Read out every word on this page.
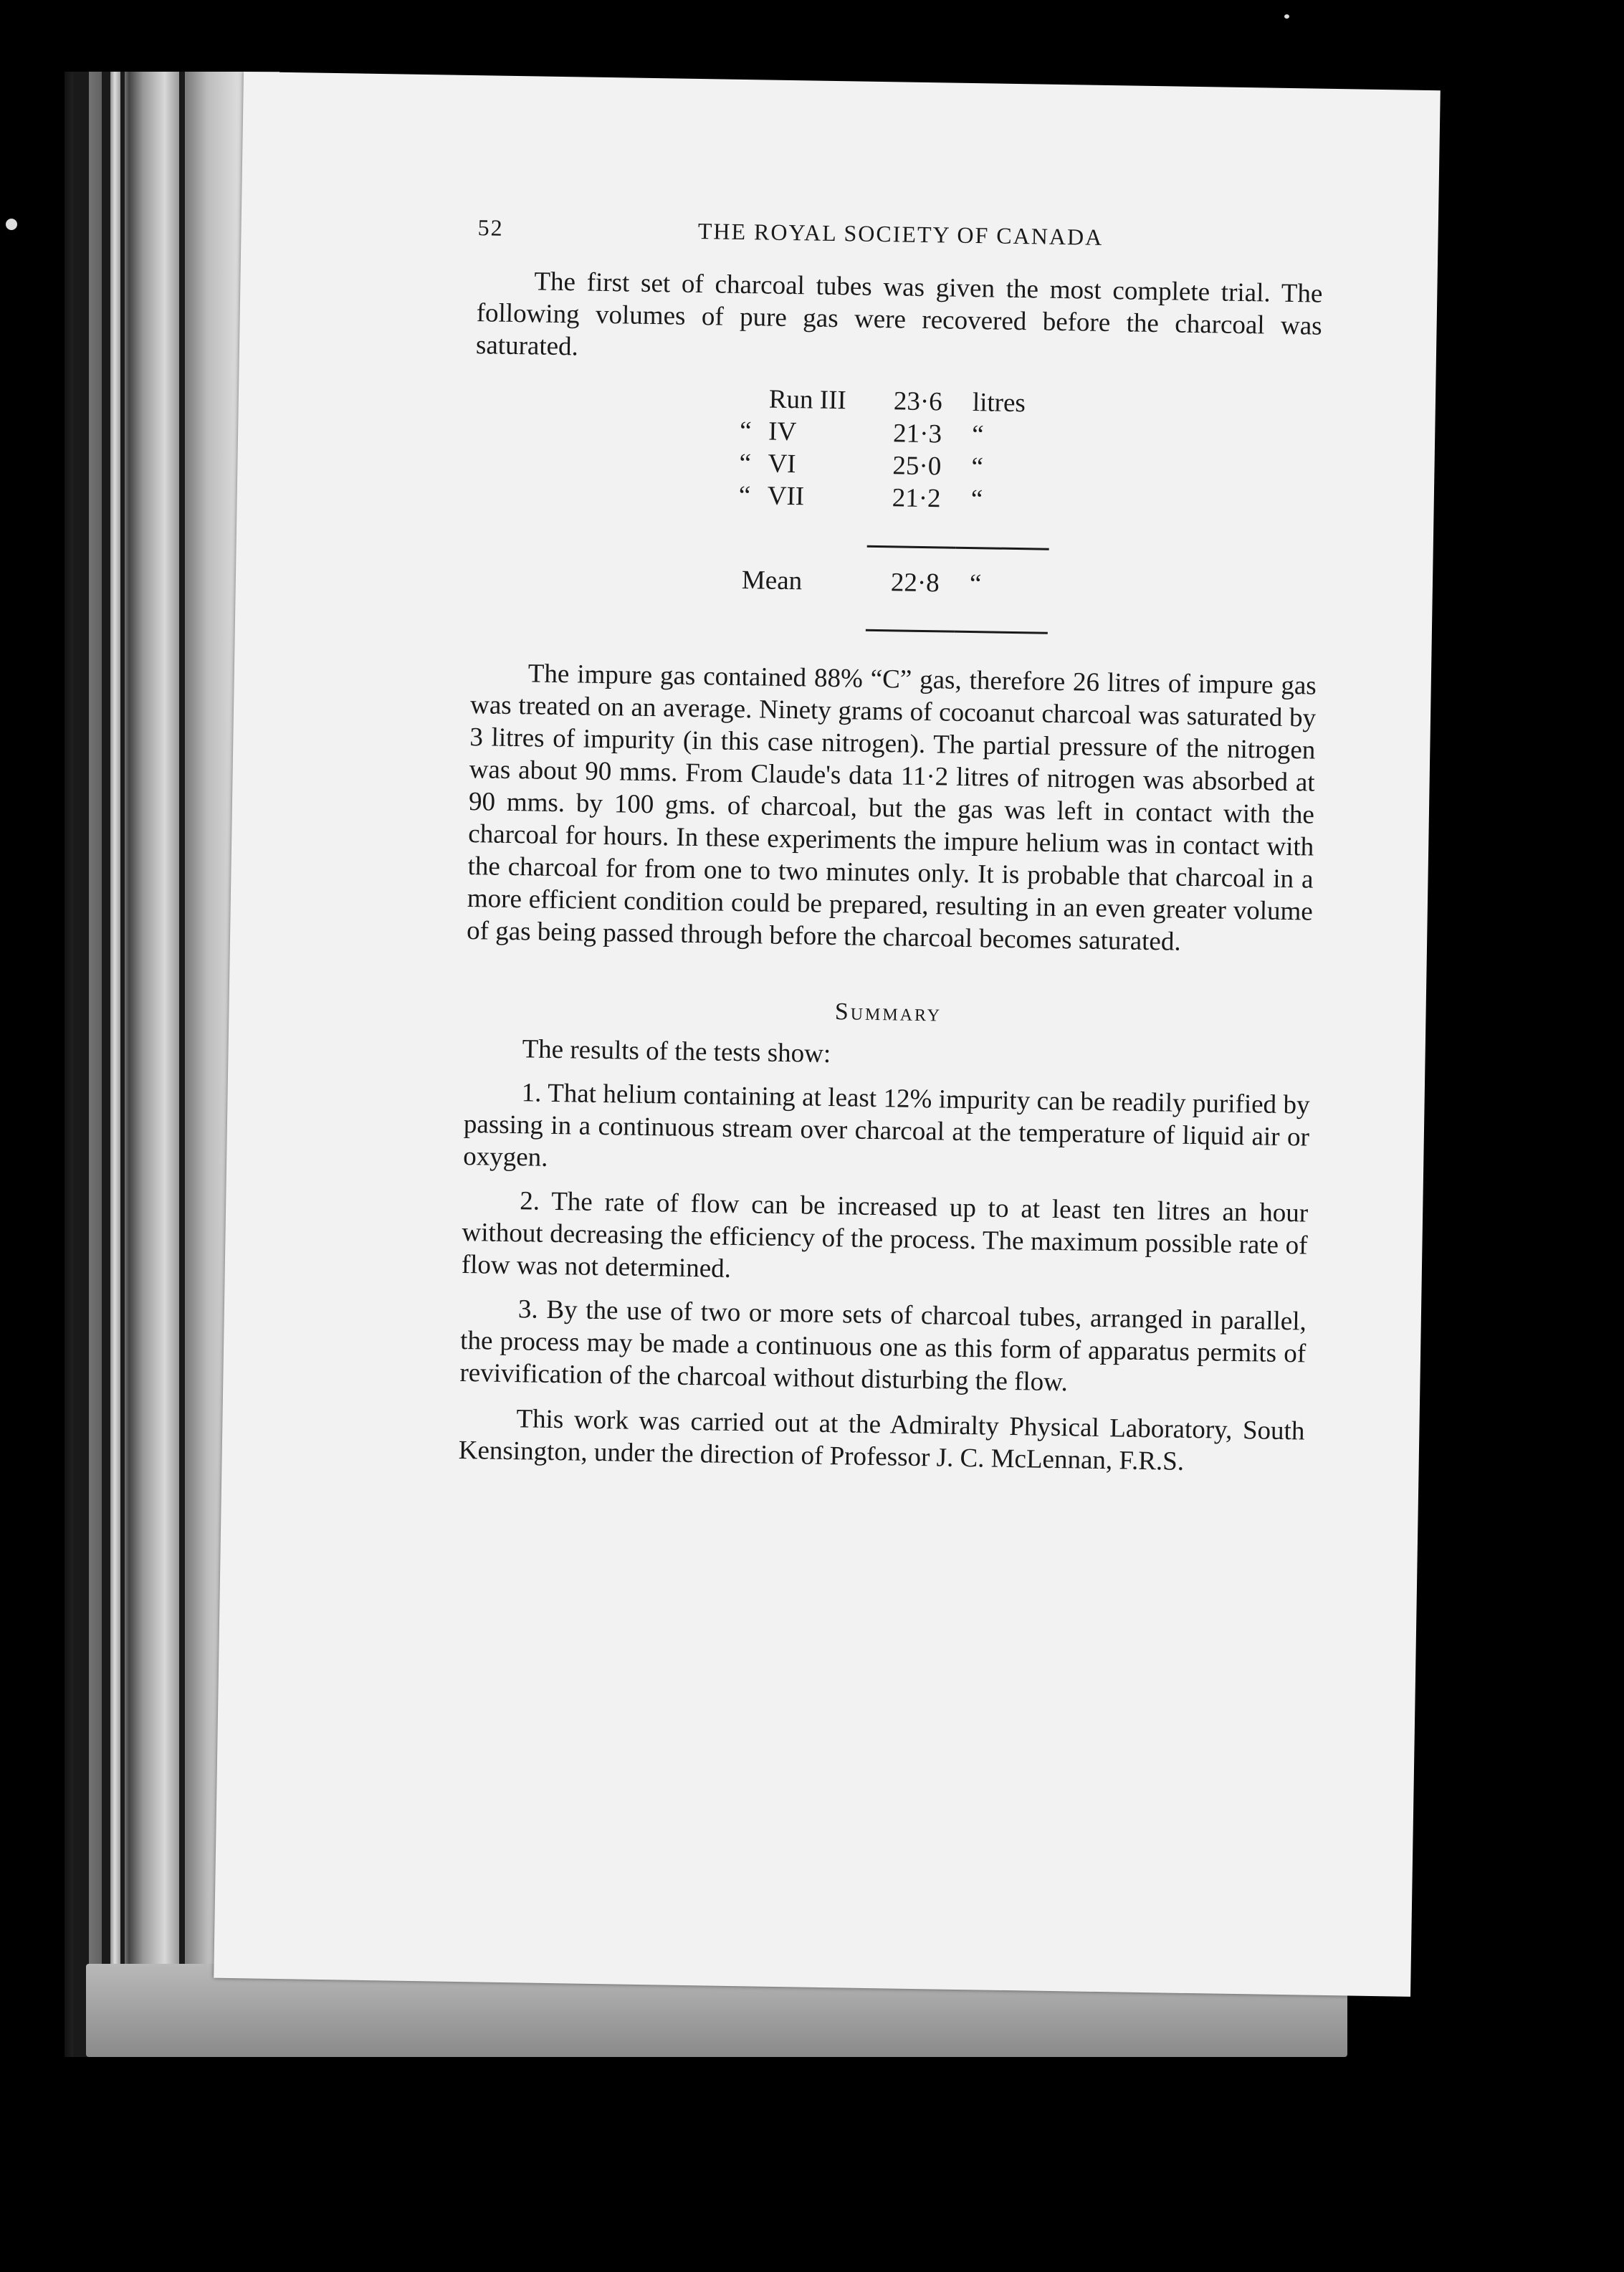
52	THE ROYAL SOCIETY OF CANADA

The first set of charcoal tubes was given the most complete trial. The following volumes of pure gas were recovered before the charcoal was saturated.

	Run III	23·6	litres
“	IV	21·3	“
“	VI	25·0	“
“	VII	21·2	“

Mean		22·8	“

The impure gas contained 88% “C” gas, therefore 26 litres of impure gas was treated on an average. Ninety grams of cocoanut charcoal was saturated by 3 litres of impurity (in this case nitrogen). The partial pressure of the nitrogen was about 90 mms. From Claude's data 11·2 litres of nitrogen was absorbed at 90 mms. by 100 gms. of charcoal, but the gas was left in contact with the charcoal for hours. In these experiments the impure helium was in contact with the charcoal for from one to two minutes only. It is probable that charcoal in a more efficient condition could be prepared, resulting in an even greater volume of gas being passed through before the charcoal becomes saturated.

Summary

The results of the tests show:

1. That helium containing at least 12% impurity can be readily purified by passing in a continuous stream over charcoal at the temperature of liquid air or oxygen.

2. The rate of flow can be increased up to at least ten litres an hour without decreasing the efficiency of the process. The maximum possible rate of flow was not determined.

3. By the use of two or more sets of charcoal tubes, arranged in parallel, the process may be made a continuous one as this form of apparatus permits of revivification of the charcoal without disturbing the flow.

This work was carried out at the Admiralty Physical Laboratory, South Kensington, under the direction of Professor J. C. McLennan, F.R.S.
